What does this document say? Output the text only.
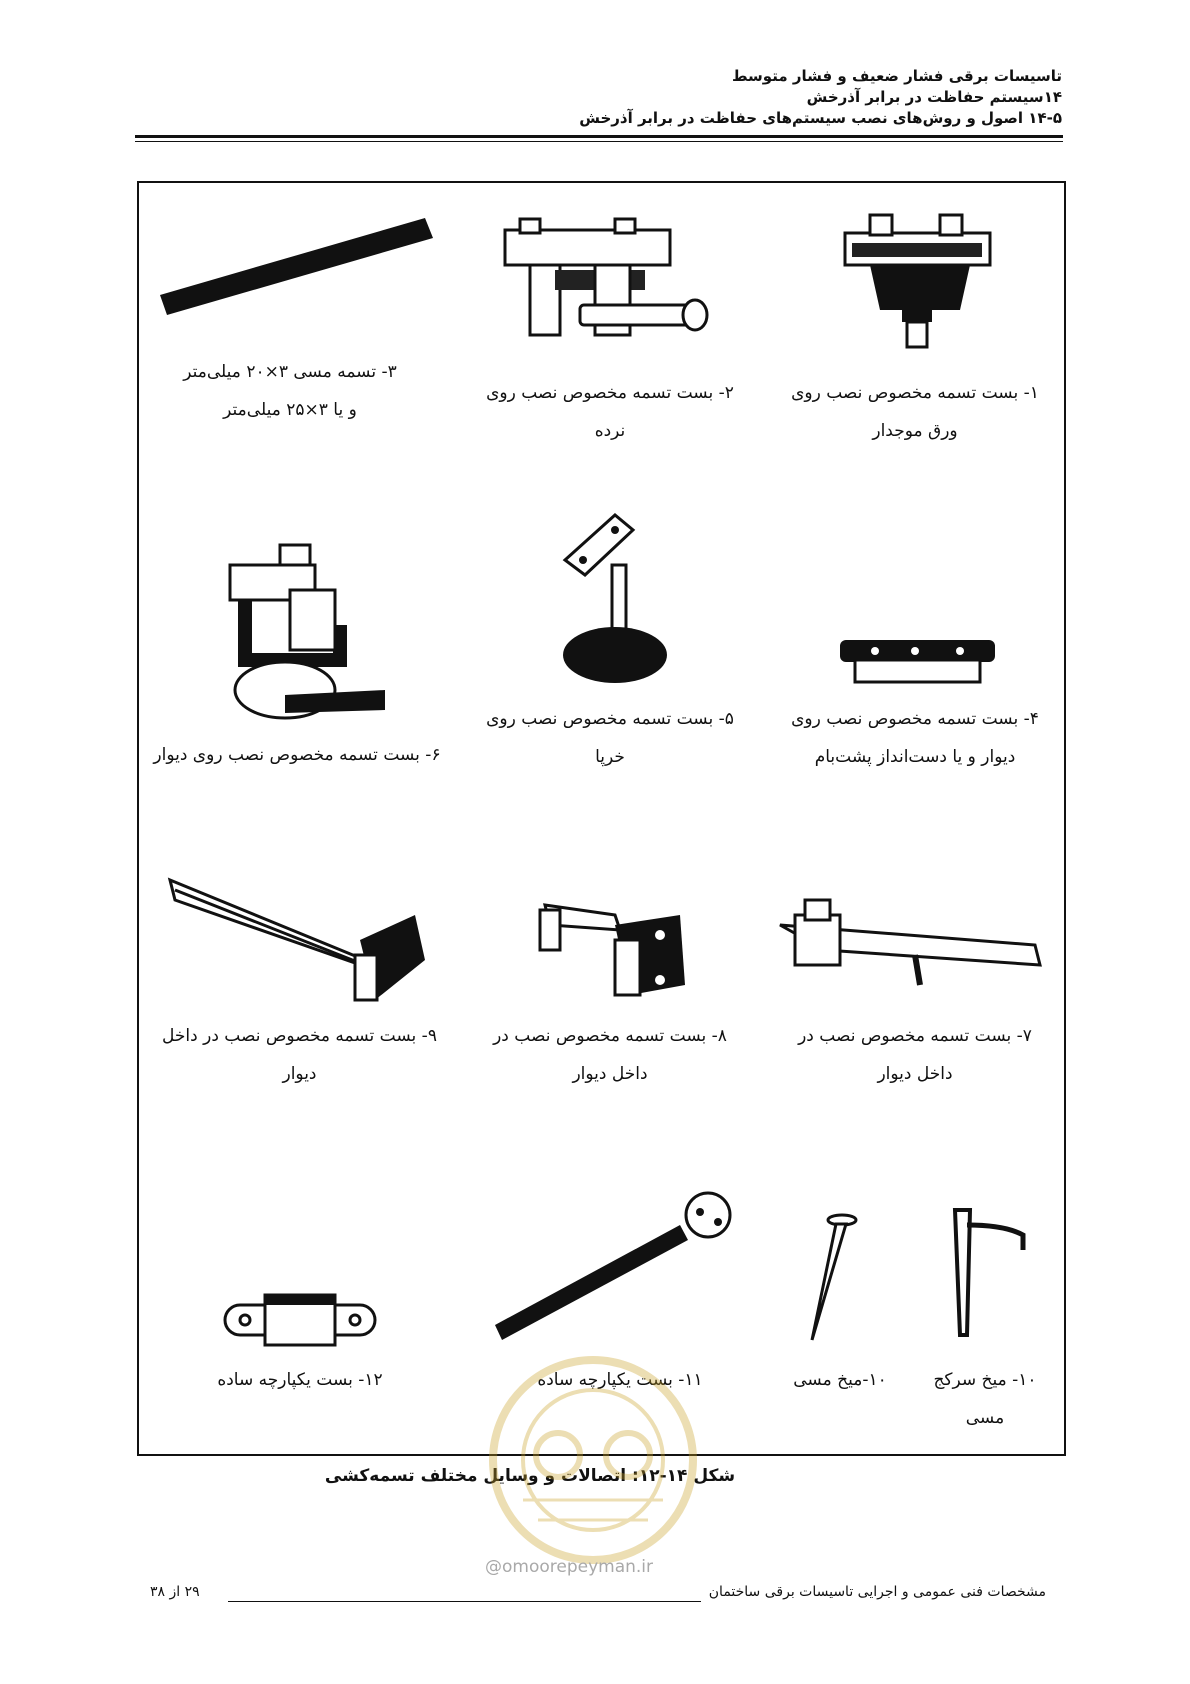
تاسیسات برقی فشار ضعیف و فشار متوسط
۱۴سیستم حفاظت در برابر آذرخش
۱۴-۵ اصول و روش‌های نصب سیستم‌های حفاظت در برابر آذرخش
۱- بست تسمه مخصوص نصب روی
ورق موجدار
۲- بست تسمه مخصوص نصب روی
نرده
۳- تسمه مسی ۳×۲۰ میلی‌متر
و یا ۳×۲۵ میلی‌متر
۴- بست تسمه مخصوص نصب روی
دیوار و یا دست‌انداز پشت‌بام
۵- بست تسمه مخصوص نصب روی
خرپا
۶- بست تسمه مخصوص نصب روی دیوار
۷- بست تسمه مخصوص نصب در
داخل دیوار
۸- بست تسمه مخصوص نصب در
داخل دیوار
۹- بست تسمه مخصوص نصب در داخل
دیوار
۱۰- میخ سرکج
مسی
۱۰-میخ مسی
۱۱- بست یکپارچه ساده
۱۲- بست یکپارچه ساده
شکل ۱۴-۱۲: اتصالات و وسایل مختلف تسمه‌کشی
@omoorepeyman.ir
مشخصات فنی عمومی و اجرایی تاسیسات برقی ساختمان
۲۹ از ۳۸
